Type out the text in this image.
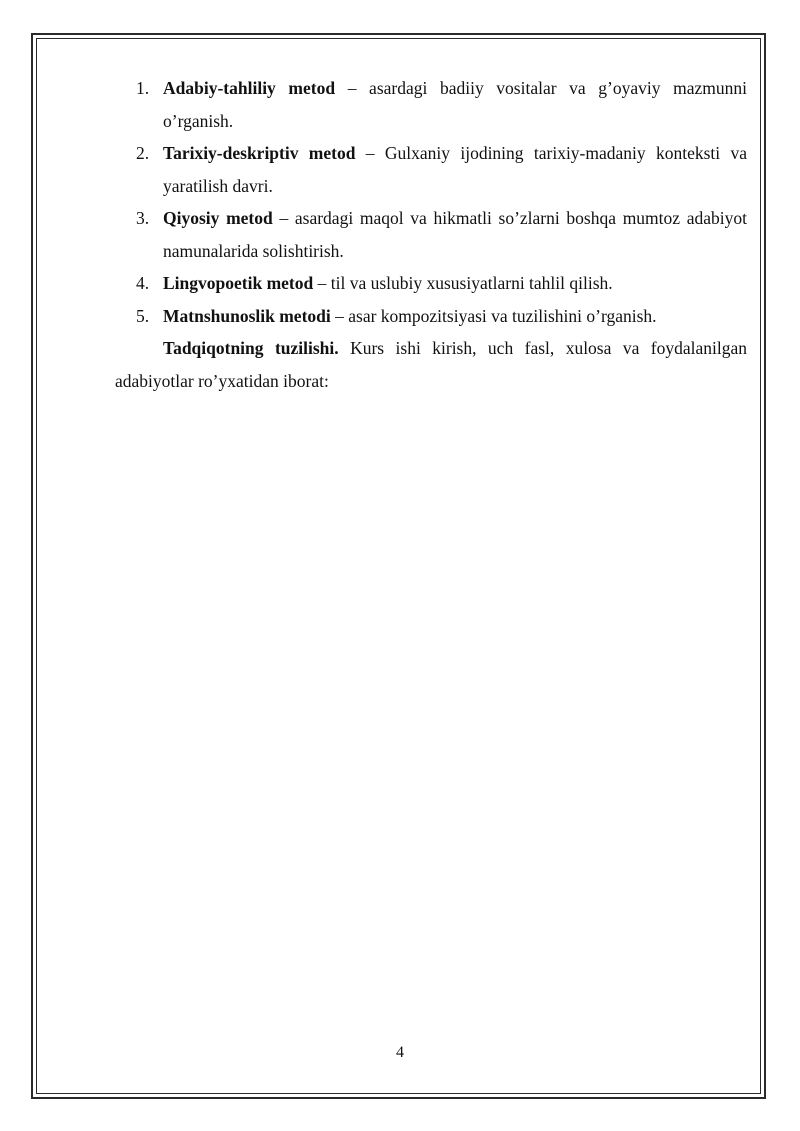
1. Adabiy-tahliliy metod – asardagi badiiy vositalar va g’oyaviy mazmunni o’rganish.
2. Tarixiy-deskriptiv metod – Gulxaniy ijodining tarixiy-madaniy konteksti va yaratilish davri.
3. Qiyosiy metod – asardagi maqol va hikmatli so’zlarni boshqa mumtoz adabiyot namunalarida solishtirish.
4. Lingvopoetik metod – til va uslubiy xususiyatlarni tahlil qilish.
5. Matnshunoslik metodi – asar kompozitsiyasi va tuzilishini o’rganish.

Tadqiqotning tuzilishi. Kurs ishi kirish, uch fasl, xulosa va foydalanilgan adabiyotlar ro’yxatidan iborat:

4
